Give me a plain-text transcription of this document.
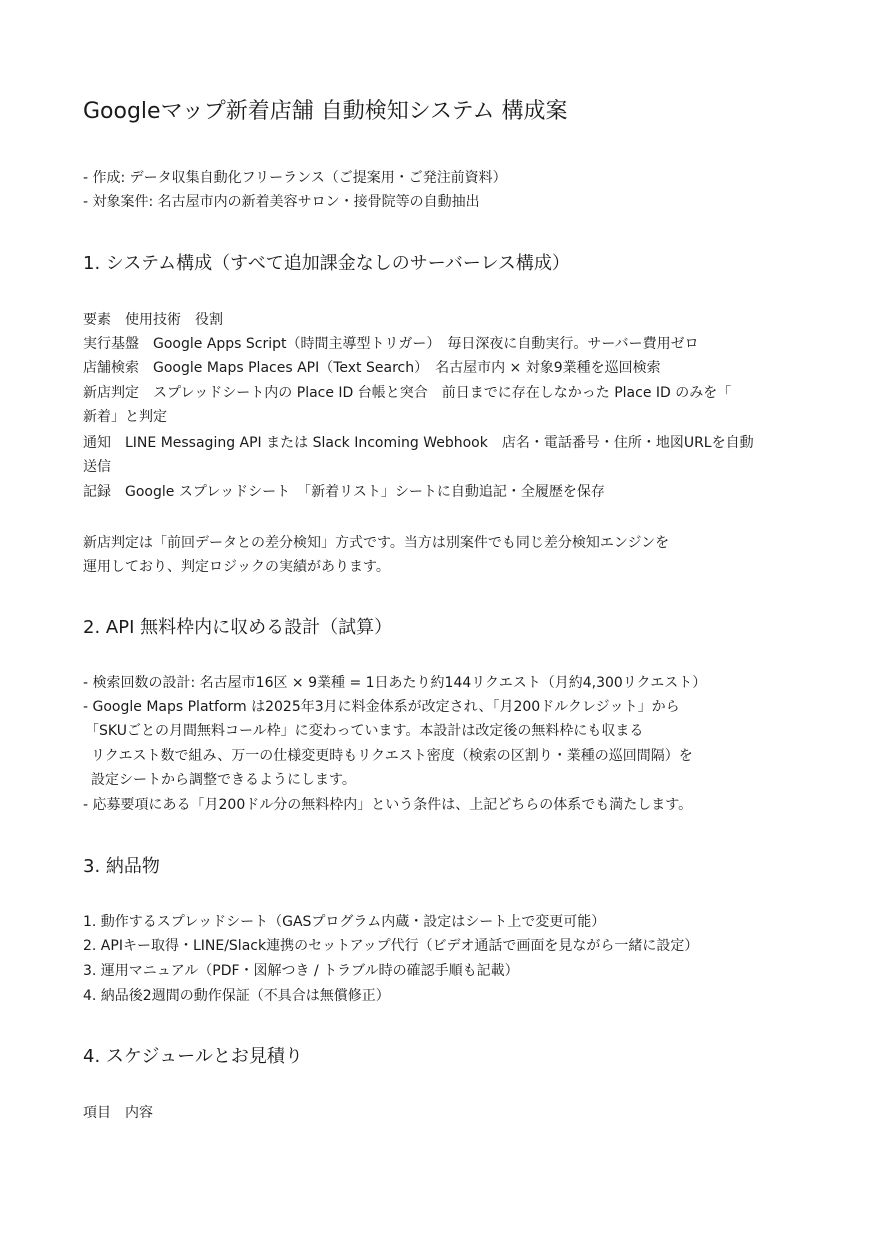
Googleマップ新着店舗 自動検知システム 構成案
- 作成: データ収集自動化フリーランス（ご提案用・ご発注前資料）
- 対象案件: 名古屋市内の新着美容サロン・接骨院等の自動抽出
1. システム構成（すべて追加課金なしのサーバーレス構成）
要素　使用技術　役割
実行基盤　Google Apps Script（時間主導型トリガー）　毎日深夜に自動実行。サーバー費用ゼロ
店舗検索　Google Maps Places API（Text Search）　名古屋市内 × 対象9業種を巡回検索
新店判定　スプレッドシート内の Place ID 台帳と突合　前日までに存在しなかった Place ID のみを「
新着」と判定
通知　LINE Messaging API または Slack Incoming Webhook　店名・電話番号・住所・地図URLを自動
送信
記録　Google スプレッドシート　「新着リスト」シートに自動追記・全履歴を保存
新店判定は「前回データとの差分検知」方式です。当方は別案件でも同じ差分検知エンジンを
運用しており、判定ロジックの実績があります。
2. API 無料枠内に収める設計（試算）
- 検索回数の設計: 名古屋市16区 × 9業種 = 1日あたり約144リクエスト（月約4,300リクエスト）
- Google Maps Platform は2025年3月に料金体系が改定され、「月200ドルクレジット」から
「SKUごとの月間無料コール枠」に変わっています。本設計は改定後の無料枠にも収まる
リクエスト数で組み、万一の仕様変更時もリクエスト密度（検索の区割り・業種の巡回間隔）を
設定シートから調整できるようにします。
- 応募要項にある「月200ドル分の無料枠内」という条件は、上記どちらの体系でも満たします。
3. 納品物
1. 動作するスプレッドシート（GASプログラム内蔵・設定はシート上で変更可能）
2. APIキー取得・LINE/Slack連携のセットアップ代行（ビデオ通話で画面を見ながら一緒に設定）
3. 運用マニュアル（PDF・図解つき / トラブル時の確認手順も記載）
4. 納品後2週間の動作保証（不具合は無償修正）
4. スケジュールとお見積り
項目　内容
